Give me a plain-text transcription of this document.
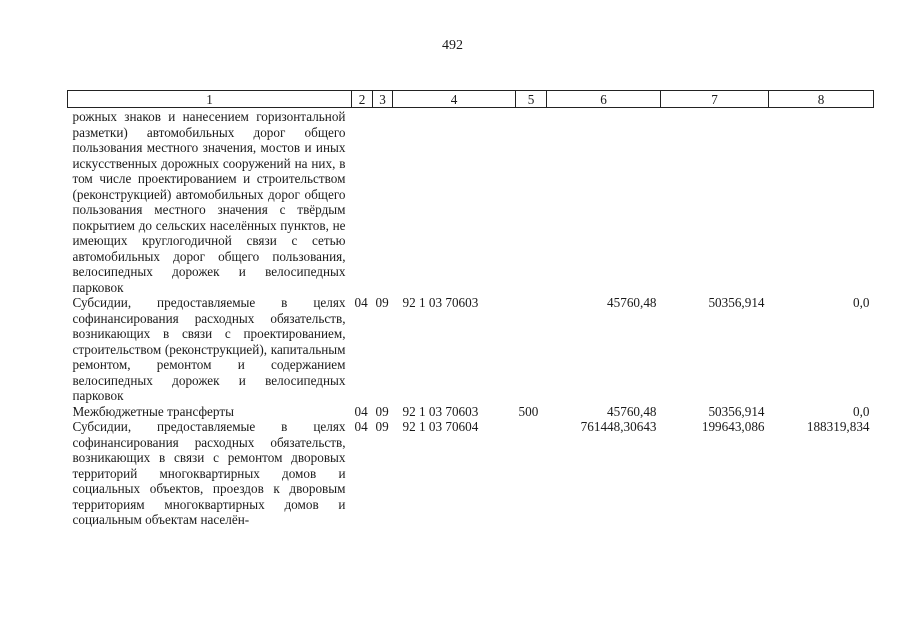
492
1	2	3	4	5	6	7	8
рожных знаков и нанесением горизонтальной разметки) автомобильных дорог общего пользования местного значения, мостов и иных искусственных дорожных сооружений на них, в том числе проектированием и строительством (реконструкцией) автомобильных дорог общего пользования местного значения с твёрдым покрытием до сельских населённых пунктов, не имеющих круглогодичной связи с сетью автомобильных дорог общего пользования, велосипедных дорожек и велосипедных парковок							
Субсидии, предоставляемые в целях софинансирования расходных обязательств, возникающих в связи с проектированием, строительством (реконструкцией), капитальным ремонтом, ремонтом и содержанием велосипедных дорожек и велосипедных парковок	04	09	92 1 03 70603		45760,48	50356,914	0,0
Межбюджетные трансферты	04	09	92 1 03 70603	500	45760,48	50356,914	0,0
Субсидии, предоставляемые в целях софинансирования расходных обязательств, возникающих в связи с ремонтом дворовых территорий многоквартирных домов и социальных объектов, проездов к дворовым территориям многоквартирных домов и социальным объектам населён-	04	09	92 1 03 70604		761448,30643	199643,086	188319,834
